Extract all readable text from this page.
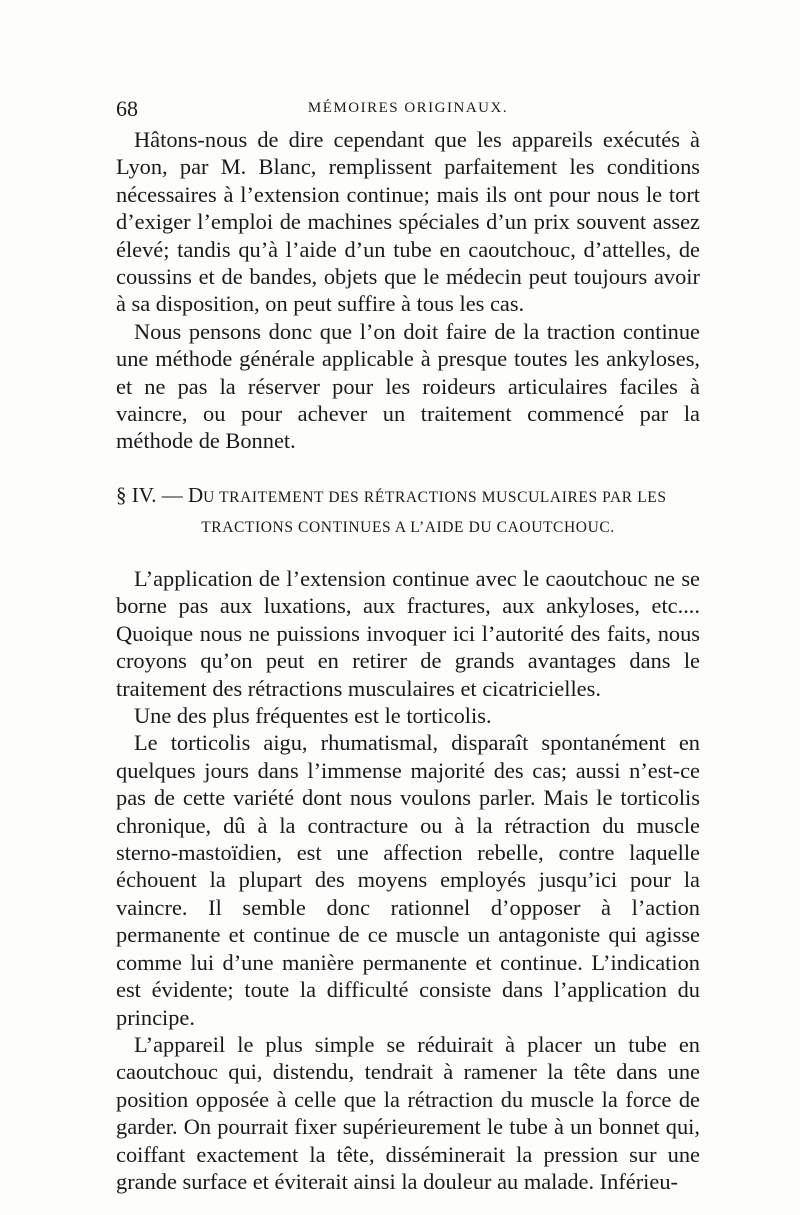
68	MÉMOIRES ORIGINAUX.

Hâtons-nous de dire cependant que les appareils exécutés à Lyon, par M. Blanc, remplissent parfaitement les conditions nécessaires à l’extension continue; mais ils ont pour nous le tort d’exiger l’emploi de machines spéciales d’un prix souvent assez élevé; tandis qu’à l’aide d’un tube en caoutchouc, d’attelles, de coussins et de bandes, objets que le médecin peut toujours avoir à sa disposition, on peut suffire à tous les cas.

Nous pensons donc que l’on doit faire de la traction continue une méthode générale applicable à presque toutes les ankyloses, et ne pas la réserver pour les roideurs articulaires faciles à vaincre, ou pour achever un traitement commencé par la méthode de Bonnet.

§ IV. — DU TRAITEMENT DES RÉTRACTIONS MUSCULAIRES PAR LES
TRACTIONS CONTINUES A L’AIDE DU CAOUTCHOUC.

L’application de l’extension continue avec le caoutchouc ne se borne pas aux luxations, aux fractures, aux ankyloses, etc.... Quoique nous ne puissions invoquer ici l’autorité des faits, nous croyons qu’on peut en retirer de grands avantages dans le traitement des rétractions musculaires et cicatricielles.

Une des plus fréquentes est le torticolis.

Le torticolis aigu, rhumatismal, disparaît spontanément en quelques jours dans l’immense majorité des cas; aussi n’est-ce pas de cette variété dont nous voulons parler. Mais le torticolis chronique, dû à la contracture ou à la rétraction du muscle sterno-mastoïdien, est une affection rebelle, contre laquelle échouent la plupart des moyens employés jusqu’ici pour la vaincre. Il semble donc rationnel d’opposer à l’action permanente et continue de ce muscle un antagoniste qui agisse comme lui d’une manière permanente et continue. L’indication est évidente; toute la difficulté consiste dans l’application du principe.

L’appareil le plus simple se réduirait à placer un tube en caoutchouc qui, distendu, tendrait à ramener la tête dans une position opposée à celle que la rétraction du muscle la force de garder. On pourrait fixer supérieurement le tube à un bonnet qui, coiffant exactement la tête, disséminerait la pression sur une grande surface et éviterait ainsi la douleur au malade. Inférieu-
